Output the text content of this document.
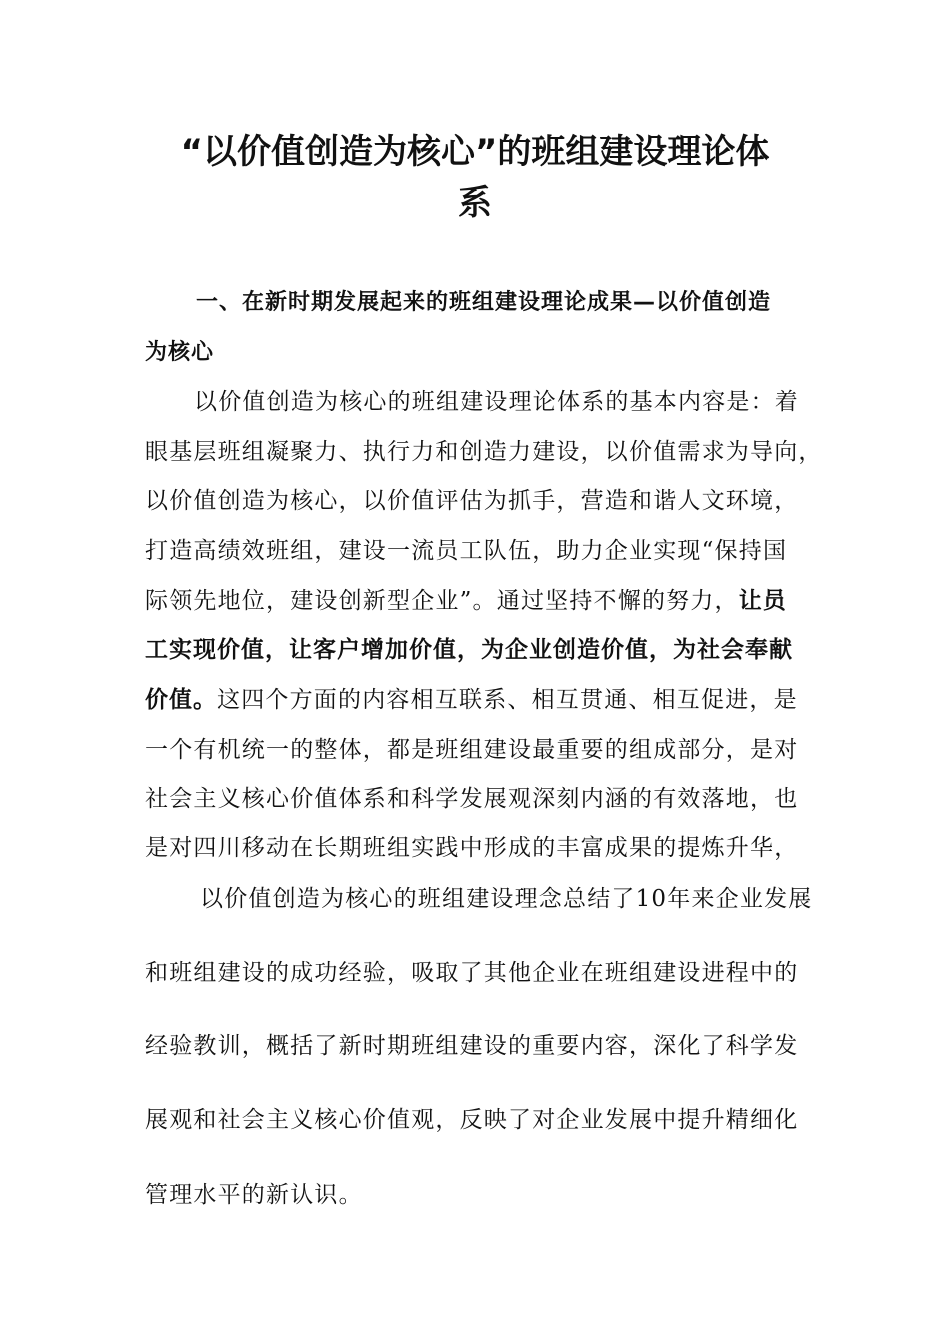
“以价值创造为核心”的班组建设理论体
系
一、在新时期发展起来的班组建设理论成果—以价值创造
为核心
以价值创造为核心的班组建设理论体系的基本内容是：着
眼基层班组凝聚力、执行力和创造力建设，以价值需求为导向，
以价值创造为核心，以价值评估为抓手，营造和谐人文环境，
打造高绩效班组，建设一流员工队伍，助力企业实现“保持国
际领先地位，建设创新型企业”。通过坚持不懈的努力，让员
工实现价值，让客户增加价值，为企业创造价值，为社会奉献
价值。这四个方面的内容相互联系、相互贯通、相互促进，是
一个有机统一的整体，都是班组建设最重要的组成部分，是对
社会主义核心价值体系和科学发展观深刻内涵的有效落地，也
是对四川移动在长期班组实践中形成的丰富成果的提炼升华，
以价值创造为核心的班组建设理念总结了10年来企业发展
和班组建设的成功经验，吸取了其他企业在班组建设进程中的
经验教训，概括了新时期班组建设的重要内容，深化了科学发
展观和社会主义核心价值观，反映了对企业发展中提升精细化
管理水平的新认识。
